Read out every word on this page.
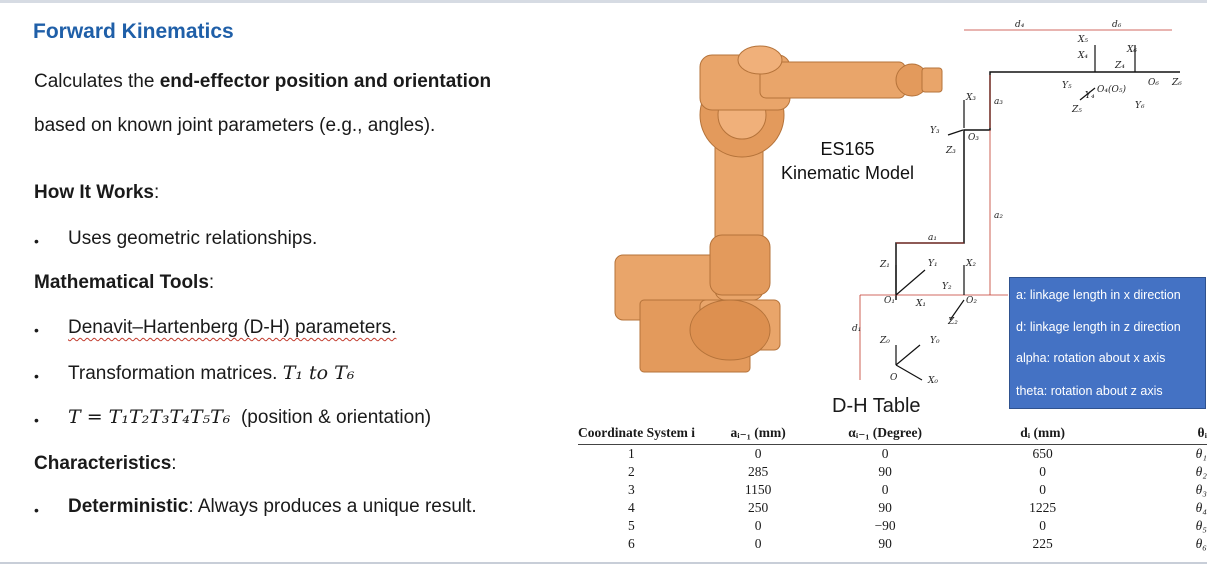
Forward Kinematics
Calculates the end-effector position and orientation
based on known joint parameters (e.g., angles).
How It Works:
• Uses geometric relationships.
Mathematical Tools:
• Denavit–Hartenberg (D-H) parameters.
• Transformation matrices. T₁ to T₆
• T = T₁T₂T₃T₄T₅T₆ (position & orientation)
Characteristics:
• Deterministic: Always produces a unique result.
d₄	d₆
X₅
X₄
X₆
Z₄
Y₅
Y₄
O₄(O₅)
O₆ Z₆
Z₅	Y₆
X₃ a₃
Y₃
O₃
Z₃
a₂
a₁
Z₁	Y₁	X₂
Y₂
O₁ X₁	O₂
Z₂
d₁
Z₀	Y₀
O	X₀
ES165
Kinematic Model
a: linkage length in x direction
d: linkage length in z direction
alpha: rotation about x axis
theta: rotation about z axis
D-H Table
Coordinate System i	aᵢ₋₁ (mm)	αᵢ₋₁ (Degree)	dᵢ (mm)	θᵢ
1	0	0	650	θ₁
2	285	90	0	θ₂
3	1150	0	0	θ₃
4	250	90	1225	θ₄
5	0	−90	0	θ₅
6	0	90	225	θ₆
